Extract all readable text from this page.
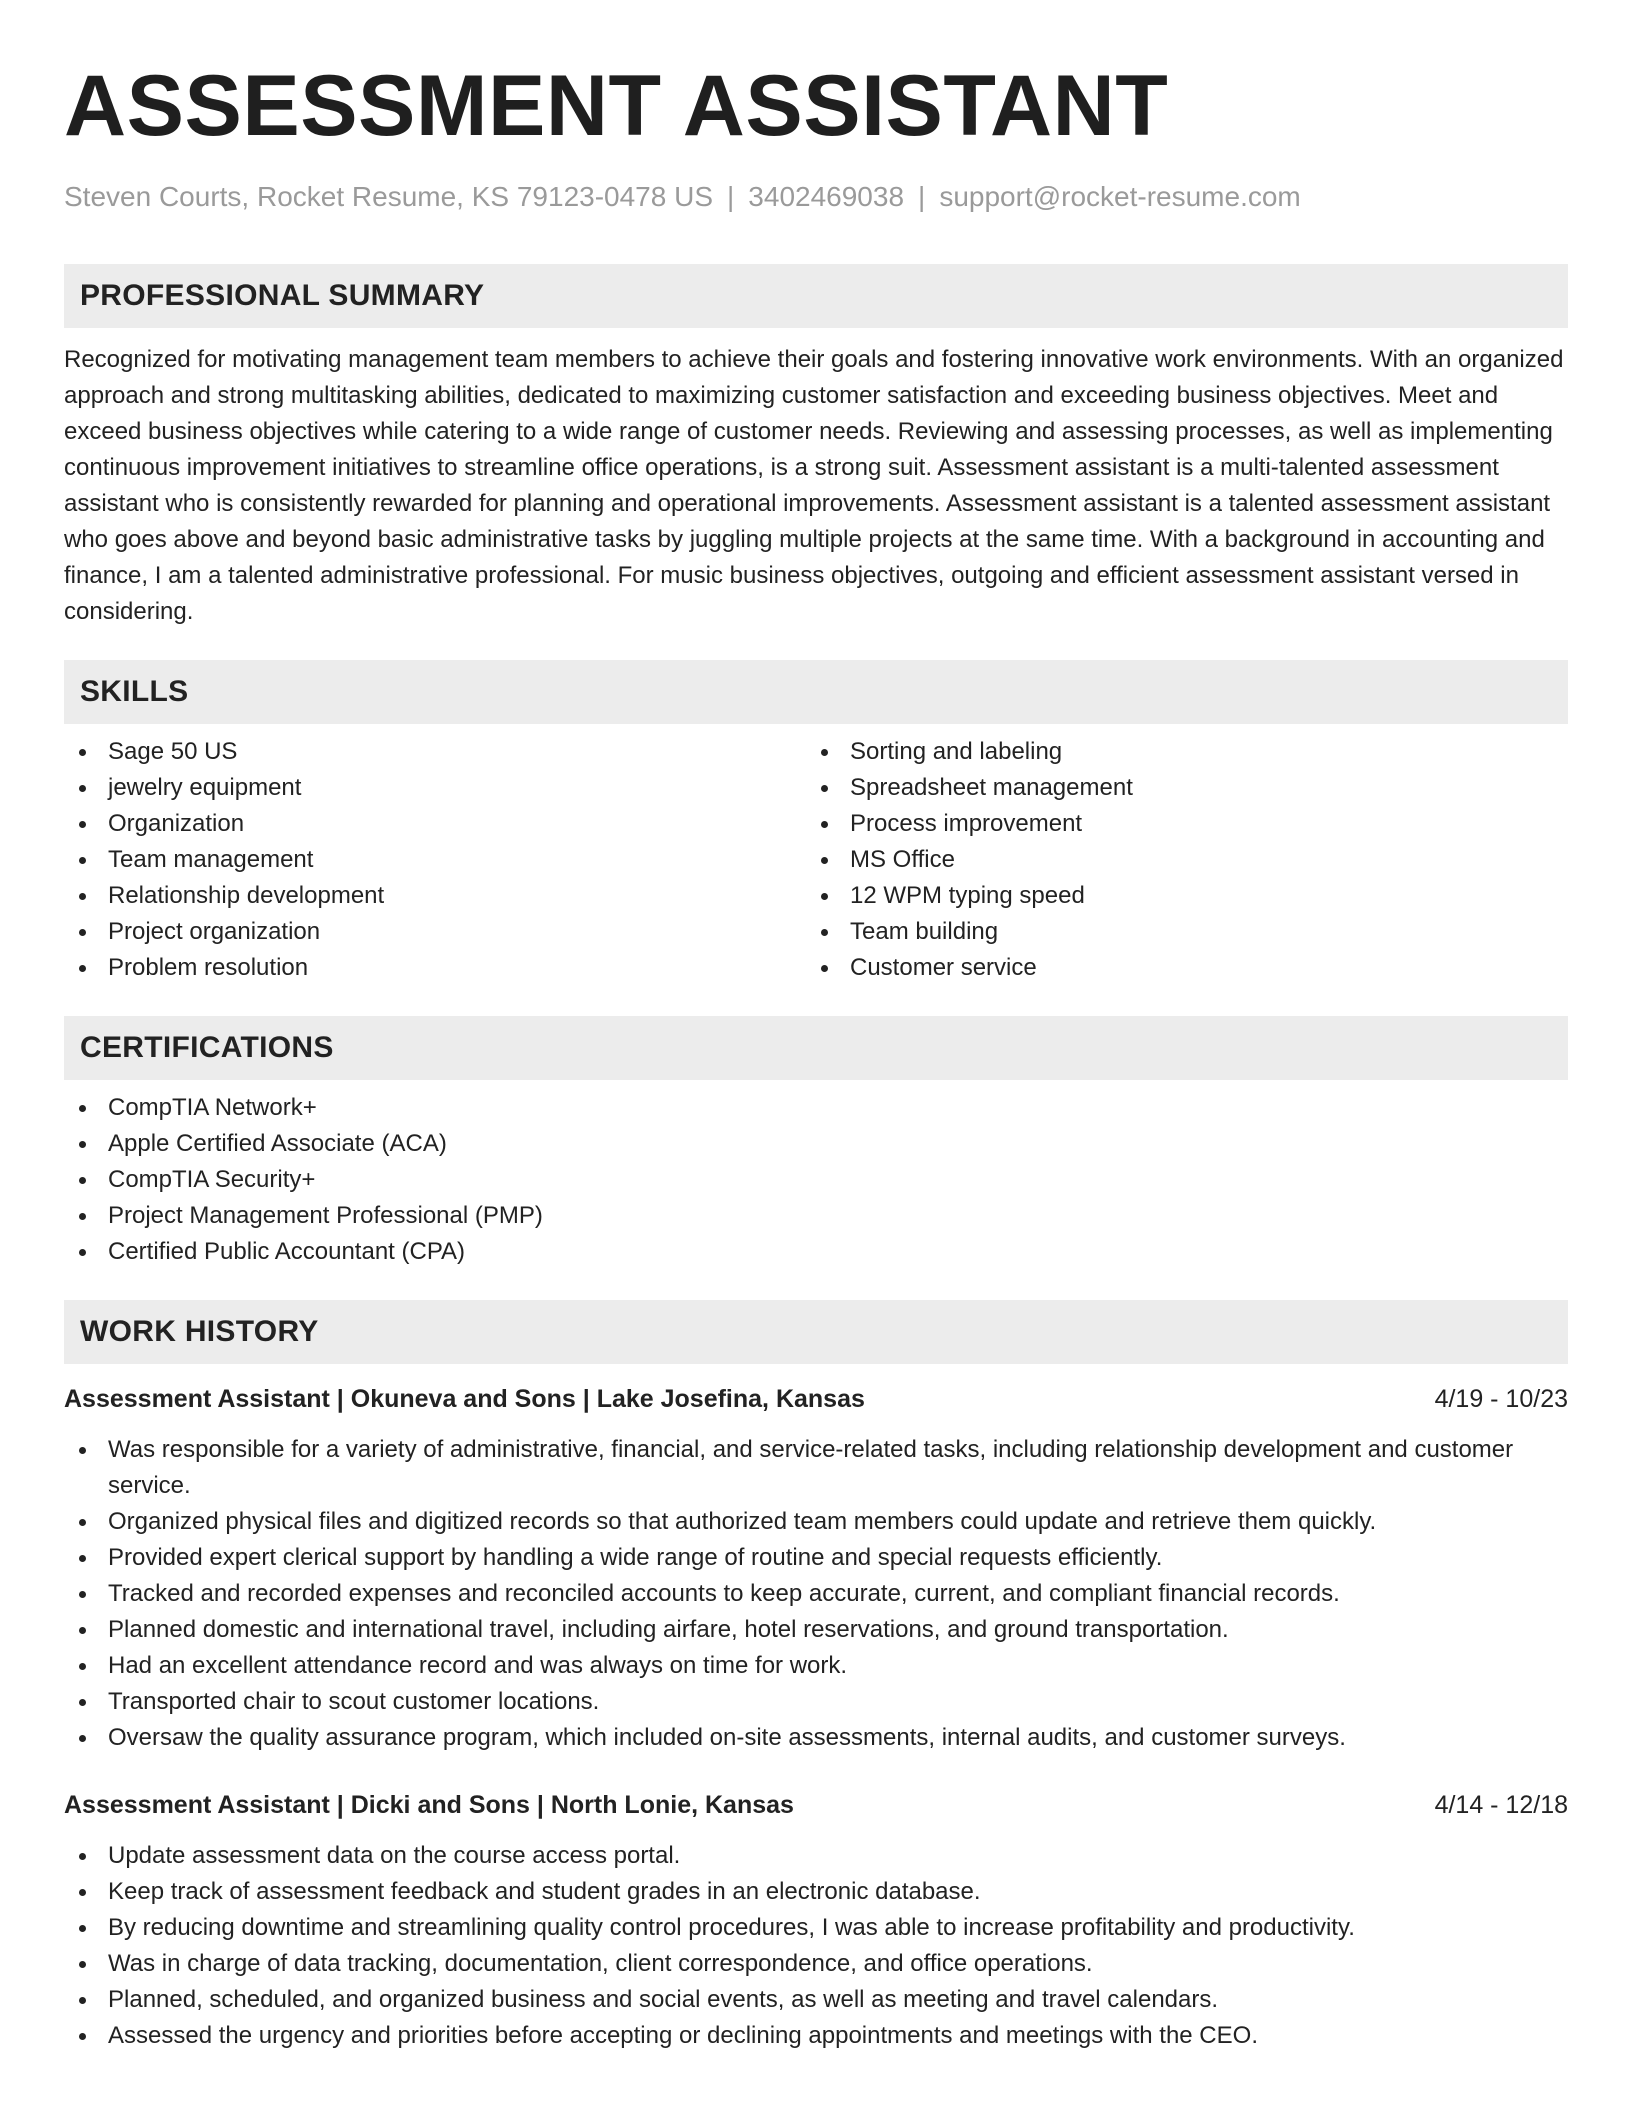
ASSESSMENT ASSISTANT
Steven Courts, Rocket Resume, KS 79123-0478 US | 3402469038 | support@rocket-resume.com
PROFESSIONAL SUMMARY

Recognized for motivating management team members to achieve their goals and fostering innovative work environments. With an organized approach and strong multitasking abilities, dedicated to maximizing customer satisfaction and exceeding business objectives. Meet and exceed business objectives while catering to a wide range of customer needs. Reviewing and assessing processes, as well as implementing continuous improvement initiatives to streamline office operations, is a strong suit. Assessment assistant is a multi-talented assessment assistant who is consistently rewarded for planning and operational improvements. Assessment assistant is a talented assessment assistant who goes above and beyond basic administrative tasks by juggling multiple projects at the same time. With a background in accounting and finance, I am a talented administrative professional. For music business objectives, outgoing and efficient assessment assistant versed in considering.

SKILLS
Sage 50 US
jewelry equipment
Organization
Team management
Relationship development
Project organization
Problem resolution
Sorting and labeling
Spreadsheet management
Process improvement
MS Office
12 WPM typing speed
Team building
Customer service
CERTIFICATIONS
CompTIA Network+
Apple Certified Associate (ACA)
CompTIA Security+
Project Management Professional (PMP)
Certified Public Accountant (CPA)
WORK HISTORY
Assessment Assistant | Okuneva and Sons | Lake Josefina, Kansas	4/19 - 10/23
Was responsible for a variety of administrative, financial, and service-related tasks, including relationship development and customer service.
Organized physical files and digitized records so that authorized team members could update and retrieve them quickly.
Provided expert clerical support by handling a wide range of routine and special requests efficiently.
Tracked and recorded expenses and reconciled accounts to keep accurate, current, and compliant financial records.
Planned domestic and international travel, including airfare, hotel reservations, and ground transportation.
Had an excellent attendance record and was always on time for work.
Transported chair to scout customer locations.
Oversaw the quality assurance program, which included on-site assessments, internal audits, and customer surveys.
Assessment Assistant | Dicki and Sons | North Lonie, Kansas	4/14 - 12/18
Update assessment data on the course access portal.
Keep track of assessment feedback and student grades in an electronic database.
By reducing downtime and streamlining quality control procedures, I was able to increase profitability and productivity.
Was in charge of data tracking, documentation, client correspondence, and office operations.
Planned, scheduled, and organized business and social events, as well as meeting and travel calendars.
Assessed the urgency and priorities before accepting or declining appointments and meetings with the CEO.
